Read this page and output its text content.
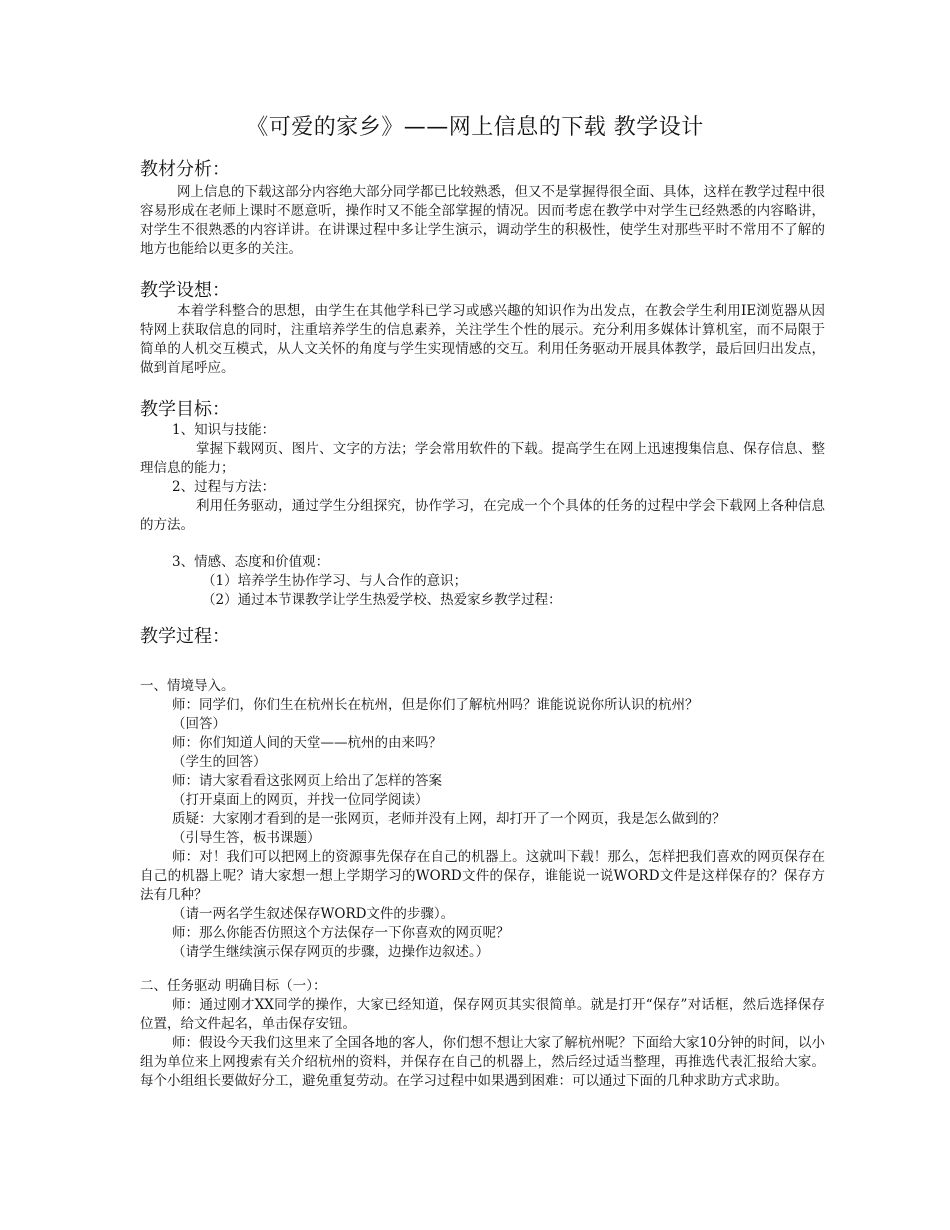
《可爱的家乡》——网上信息的下载 教学设计
教材分析：

网上信息的下载这部分内容绝大部分同学都已比较熟悉，但又不是掌握得很全面、具体，这样在教学过程中很容易形成在老师上课时不愿意听，操作时又不能全部掌握的情况。因而考虑在教学中对学生已经熟悉的内容略讲，对学生不很熟悉的内容详讲。在讲课过程中多让学生演示，调动学生的积极性，使学生对那些平时不常用不了解的地方也能给以更多的关注。

教学设想：

本着学科整合的思想，由学生在其他学科已学习或感兴趣的知识作为出发点，在教会学生利用IE浏览器从因特网上获取信息的同时，注重培养学生的信息素养，关注学生个性的展示。充分利用多媒体计算机室，而不局限于简单的人机交互模式，从人文关怀的角度与学生实现情感的交互。利用任务驱动开展具体教学，最后回归出发点，做到首尾呼应。

教学目标：
1、知识与技能：

掌握下载网页、图片、文字的方法；学会常用软件的下载。提高学生在网上迅速搜集信息、保存信息、整理信息的能力；

2、过程与方法：

利用任务驱动，通过学生分组探究，协作学习，在完成一个个具体的任务的过程中学会下载网上各种信息的方法。

3、情感、态度和价值观：
（1）培养学生协作学习、与人合作的意识；
（2）通过本节课教学让学生热爱学校、热爱家乡教学过程：
教学过程：
一、情境导入。
师：同学们，你们生在杭州长在杭州，但是你们了解杭州吗？谁能说说你所认识的杭州？
（回答）
师：你们知道人间的天堂——杭州的由来吗？
（学生的回答）
师：请大家看看这张网页上给出了怎样的答案
（打开桌面上的网页，并找一位同学阅读）
质疑：大家刚才看到的是一张网页，老师并没有上网，却打开了一个网页，我是怎么做到的？
（引导生答，板书课题）

师：对！我们可以把网上的资源事先保存在自己的机器上。这就叫下载！那么，怎样把我们喜欢的网页保存在自己的机器上呢？请大家想一想上学期学习的WORD文件的保存，谁能说一说WORD文件是这样保存的？保存方法有几种？

（请一两名学生叙述保存WORD文件的步骤）。
师：那么你能否仿照这个方法保存一下你喜欢的网页呢？
（请学生继续演示保存网页的步骤，边操作边叙述。）
二、任务驱动 明确目标（一）：

师：通过刚才XX同学的操作，大家已经知道，保存网页其实很简单。就是打开“保存”对话框，然后选择保存位置，给文件起名，单击保存安钮。

师：假设今天我们这里来了全国各地的客人，你们想不想让大家了解杭州呢？下面给大家10分钟的时间，以小组为单位来上网搜索有关介绍杭州的资料，并保存在自己的机器上，然后经过适当整理，再推选代表汇报给大家。每个小组组长要做好分工，避免重复劳动。在学习过程中如果遇到困难：可以通过下面的几种求助方式求助。
